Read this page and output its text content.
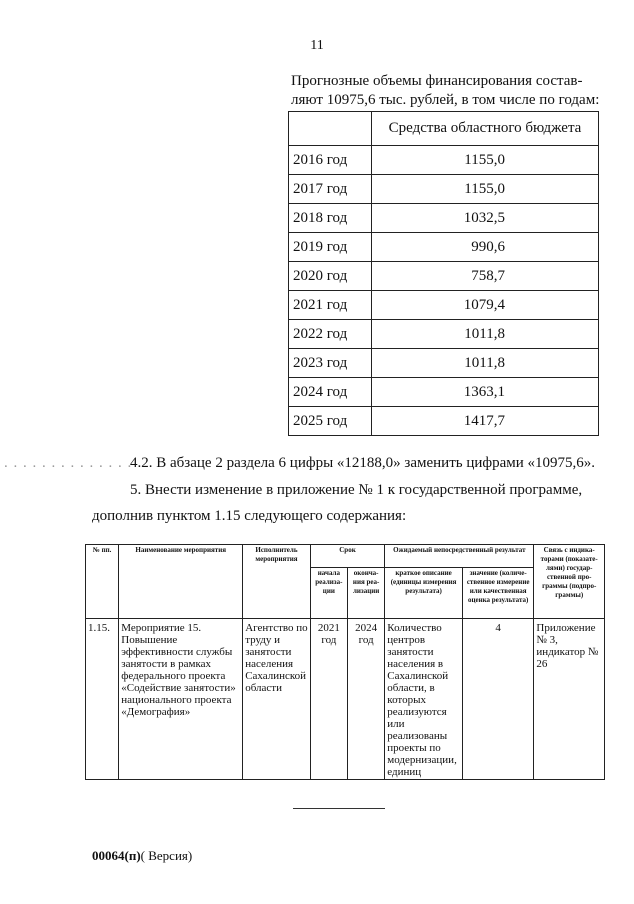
11
Прогнозные объемы финансирования состав-
ляют 10975,6 тыс. рублей, в том числе по годам:
	Средства областного бюджета
2016 год	1155,0
2017 год	1155,0
2018 год	1032,5
2019 год	990,6
2020 год	758,7
2021 год	1079,4
2022 год	1011,8
2023 год	1011,8
2024 год	1363,1
2025 год	1417,7
. . . . . . . . . . . . . .
4.2. В абзаце 2 раздела 6 цифры «12188,0» заменить цифрами «10975,6».
5. Внести изменение в приложение № 1 к государственной программе,
дополнив пунктом 1.15 следующего содержания:
№ пп.	Наименование мероприятия	Исполнитель мероприятия	Срок		Ожидаемый непосредственный результат		Связь с индика-торами (показате-лями) государ-ственной про-граммы (подпро-граммы)
			начала реализа-ции	оконча-ния реа-лизации	краткое описание (единицы измерения результата)	значение (количе-ственное измерение или качественная оценка результата)	
1.15.	Мероприятие 15. Повышение эффективности службы занятости в рамках федерального проекта «Содействие занятости» национального проекта «Демография»	Агентство по труду и занятости населения Сахалинской области	2021 год	2024 год	Количество центров занятости населения в Сахалинской области, в которых реализуются или реализованы проекты по модернизации, единиц	4	Приложение № 3, индикатор № 26
00064(п)( Версия)
